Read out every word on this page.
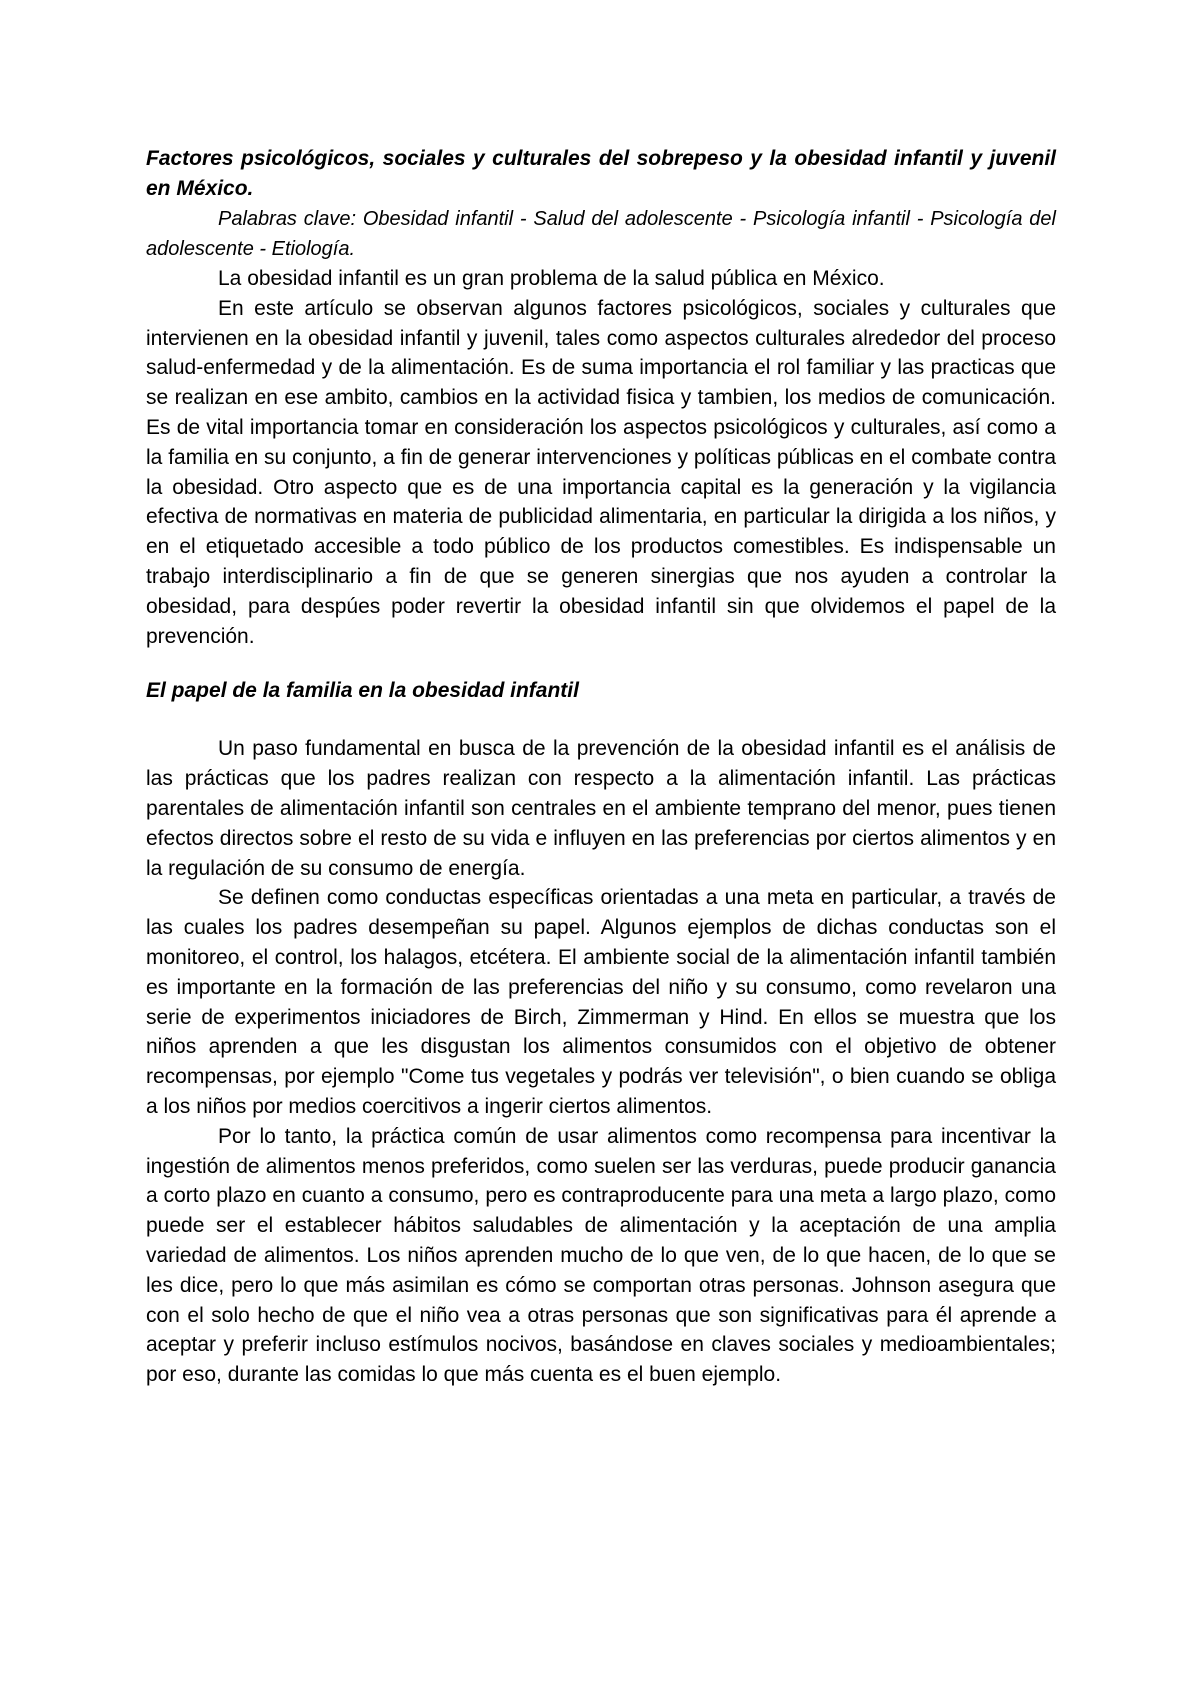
Factores psicológicos, sociales y culturales del sobrepeso y la obesidad infantil y juvenil en México.

Palabras clave: Obesidad infantil - Salud del adolescente - Psicología infantil - Psicología del adolescente - Etiología.

La obesidad infantil es un gran problema de la salud pública en México.

En este artículo se observan algunos factores psicológicos, sociales y culturales que intervienen en la obesidad infantil y juvenil, tales como aspectos culturales alrededor del proceso salud-enfermedad y de la alimentación. Es de suma importancia el rol familiar y las practicas que se realizan en ese ambito, cambios en la actividad fisica y tambien, los medios de comunicación. Es de vital importancia tomar en consideración los aspectos psicológicos y culturales, así como a la familia en su conjunto, a fin de generar intervenciones y políticas públicas en el combate contra la obesidad. Otro aspecto que es de una importancia capital es la generación y la vigilancia efectiva de normativas en materia de publicidad alimentaria, en particular la dirigida a los niños, y en el etiquetado accesible a todo público de los productos comestibles. Es indispensable un trabajo interdisciplinario a fin de que se generen sinergias que nos ayuden a controlar la obesidad, para despúes poder revertir la obesidad infantil sin que olvidemos el papel de la prevención.

El papel de la familia en la obesidad infantil

Un paso fundamental en busca de la prevención de la obesidad infantil es el análisis de las prácticas que los padres realizan con respecto a la alimentación infantil. Las prácticas parentales de alimentación infantil son centrales en el ambiente temprano del menor, pues tienen efectos directos sobre el resto de su vida e influyen en las preferencias por ciertos alimentos y en la regulación de su consumo de energía.

Se definen como conductas específicas orientadas a una meta en particular, a través de las cuales los padres desempeñan su papel. Algunos ejemplos de dichas conductas son el monitoreo, el control, los halagos, etcétera. El ambiente social de la alimentación infantil también es importante en la formación de las preferencias del niño y su consumo, como revelaron una serie de experimentos iniciadores de Birch, Zimmerman y Hind. En ellos se muestra que los niños aprenden a que les disgustan los alimentos consumidos con el objetivo de obtener recompensas, por ejemplo "Come tus vegetales y podrás ver televisión", o bien cuando se obliga a los niños por medios coercitivos a ingerir ciertos alimentos.

Por lo tanto, la práctica común de usar alimentos como recompensa para incentivar la ingestión de alimentos menos preferidos, como suelen ser las verduras, puede producir ganancia a corto plazo en cuanto a consumo, pero es contraproducente para una meta a largo plazo, como puede ser el establecer hábitos saludables de alimentación y la aceptación de una amplia variedad de alimentos. Los niños aprenden mucho de lo que ven, de lo que hacen, de lo que se les dice, pero lo que más asimilan es cómo se comportan otras personas. Johnson asegura que con el solo hecho de que el niño vea a otras personas que son significativas para él aprende a aceptar y preferir incluso estímulos nocivos, basándose en claves sociales y medioambientales; por eso, durante las comidas lo que más cuenta es el buen ejemplo.
